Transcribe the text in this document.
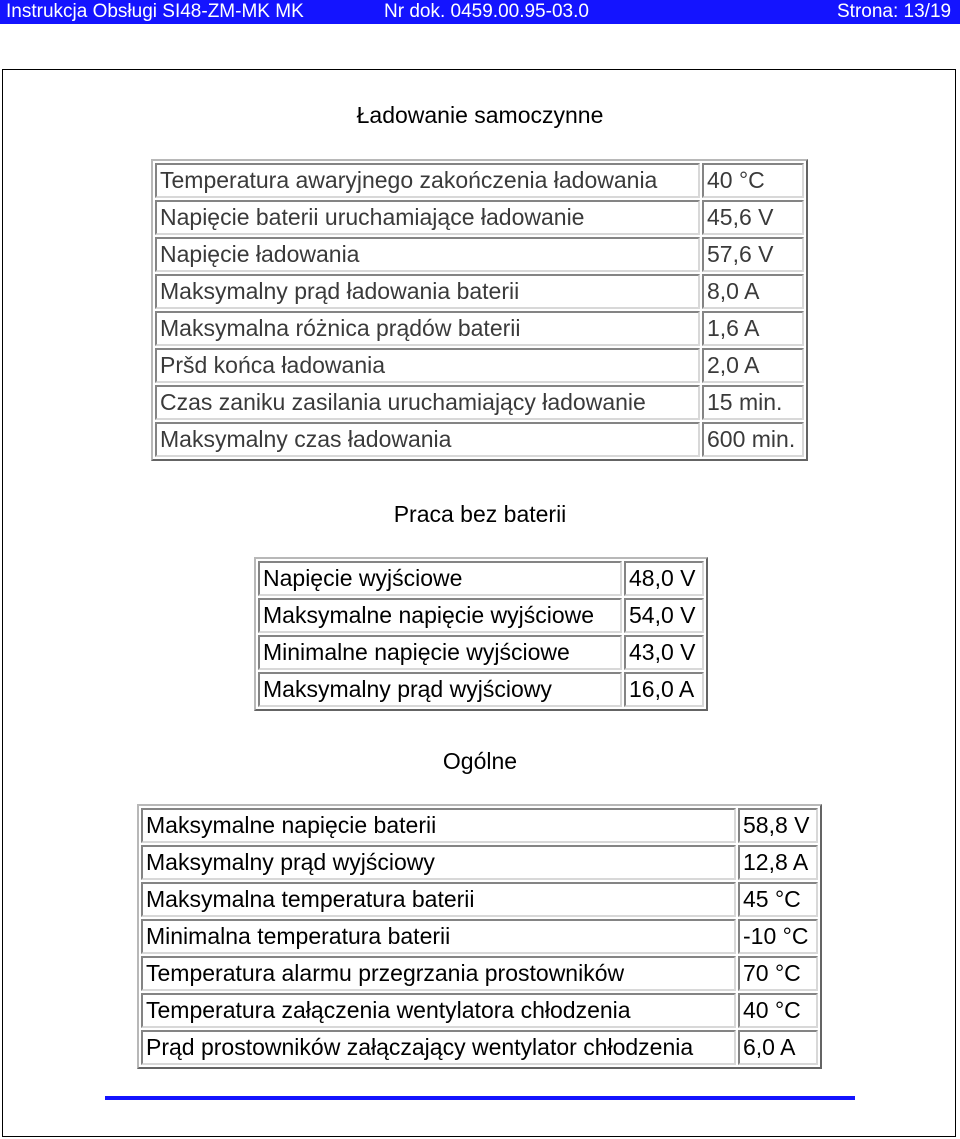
Instrukcja Obsługi SI48-ZM-MK MK	Nr dok. 0459.00.95-03.0	Strona: 13/19
Ładowanie samoczynne
Temperatura awaryjnego zakończenia ładowania	40 °C
Napięcie baterii uruchamiające ładowanie	45,6 V
Napięcie ładowania	57,6 V
Maksymalny prąd ładowania baterii	8,0 A
Maksymalna różnica prądów baterii	1,6 A
Pršd końca ładowania	2,0 A
Czas zaniku zasilania uruchamiający ładowanie	15 min.
Maksymalny czas ładowania	600 min.
Praca bez baterii
Napięcie wyjściowe	48,0 V
Maksymalne napięcie wyjściowe	54,0 V
Minimalne napięcie wyjściowe	43,0 V
Maksymalny prąd wyjściowy	16,0 A
Ogólne
Maksymalne napięcie baterii	58,8 V
Maksymalny prąd wyjściowy	12,8 A
Maksymalna temperatura baterii	45 °C
Minimalna temperatura baterii	-10 °C
Temperatura alarmu przegrzania prostowników	70 °C
Temperatura załączenia wentylatora chłodzenia	40 °C
Prąd prostowników załączający wentylator chłodzenia	6,0 A
